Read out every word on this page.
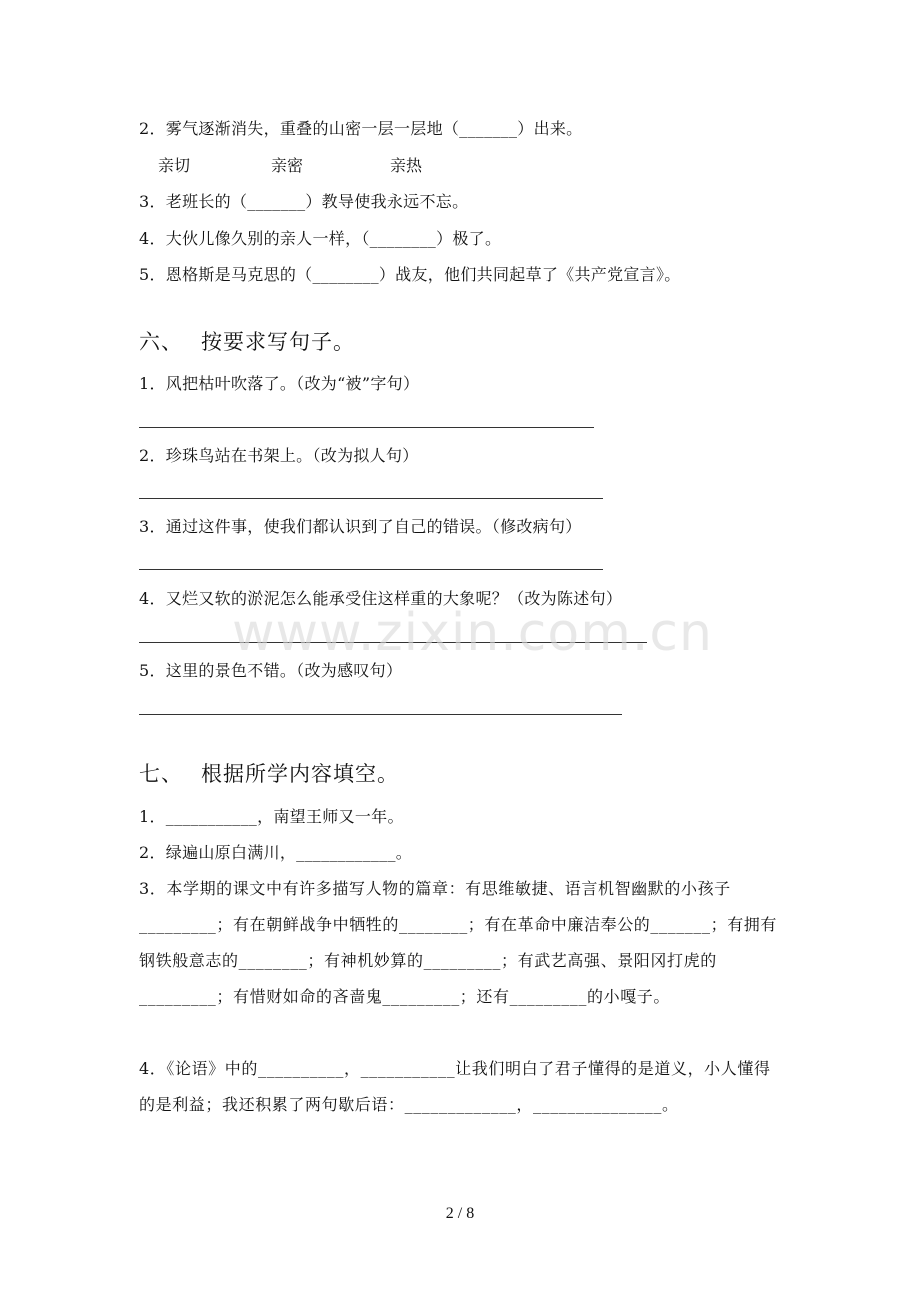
2．雾气逐渐消失，重叠的山密一层一层地（_______）出来。
亲切	亲密	亲热
3．老班长的（_______）教导使我永远不忘。
4．大伙儿像久别的亲人一样，（________）极了。
5．恩格斯是马克思的（________）战友，他们共同起草了《共产党宣言》。
六、 按要求写句子。
1．风把枯叶吹落了。（改为“被”字句）
2．珍珠鸟站在书架上。（改为拟人句）
3．通过这件事，使我们都认识到了自己的错误。（修改病句）
4．又烂又软的淤泥怎么能承受住这样重的大象呢？（改为陈述句）
5．这里的景色不错。（改为感叹句）
七、 根据所学内容填空。
1．___________，南望王师又一年。
2．绿遍山原白满川，____________。
3．本学期的课文中有许多描写人物的篇章：有思维敏捷、语言机智幽默的小孩子_________；有在朝鲜战争中牺牲的________；有在革命中廉洁奉公的_______；有拥有钢铁般意志的________；有神机妙算的_________；有武艺高强、景阳冈打虎的_________；有惜财如命的吝啬鬼_________；还有_________的小嘎子。
4．《论语》中的__________，___________让我们明白了君子懂得的是道义，小人懂得的是利益；我还积累了两句歇后语：_____________，_______________。
www.zixin.com.cn
2 / 8
